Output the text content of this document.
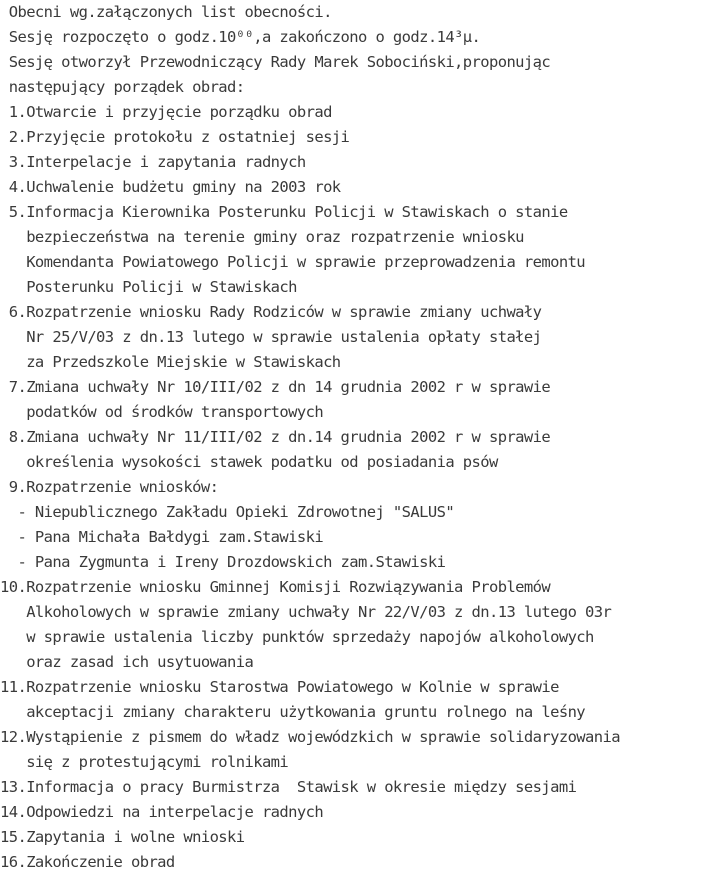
Obecni wg.załączonych list obecności.
Sesję rozpoczęto o godz.10⁰⁰,a zakończono o godz.14³µ.
Sesję otworzył Przewodniczący Rady Marek Sobociński,proponując
następujący porządek obrad:
1.Otwarcie i przyjęcie porządku obrad
2.Przyjęcie protokołu z ostatniej sesji
3.Interpelacje i zapytania radnych
4.Uchwalenie budżetu gminy na 2003 rok
5.Informacja Kierownika Posterunku Policji w Stawiskach o stanie
bezpieczeństwa na terenie gminy oraz rozpatrzenie wniosku
Komendanta Powiatowego Policji w sprawie przeprowadzenia remontu
Posterunku Policji w Stawiskach
6.Rozpatrzenie wniosku Rady Rodziców w sprawie zmiany uchwały
Nr 25/V/03 z dn.13 lutego w sprawie ustalenia opłaty stałej
za Przedszkole Miejskie w Stawiskach
7.Zmiana uchwały Nr 10/III/02 z dn 14 grudnia 2002 r w sprawie
podatków od środków transportowych
8.Zmiana uchwały Nr 11/III/02 z dn.14 grudnia 2002 r w sprawie
określenia wysokości stawek podatku od posiadania psów
9.Rozpatrzenie wniosków:
- Niepublicznego Zakładu Opieki Zdrowotnej "SALUS"
- Pana Michała Bałdygi zam.Stawiski
- Pana Zygmunta i Ireny Drozdowskich zam.Stawiski
10.Rozpatrzenie wniosku Gminnej Komisji Rozwiązywania Problemów
Alkoholowych w sprawie zmiany uchwały Nr 22/V/03 z dn.13 lutego 03r
w sprawie ustalenia liczby punktów sprzedaży napojów alkoholowych
oraz zasad ich usytuowania
11.Rozpatrzenie wniosku Starostwa Powiatowego w Kolnie w sprawie
akceptacji zmiany charakteru użytkowania gruntu rolnego na leśny
12.Wystąpienie z pismem do władz wojewódzkich w sprawie solidaryzowania
się z protestującymi rolnikami
13.Informacja o pracy Burmistrza  Stawisk w okresie między sesjami
14.Odpowiedzi na interpelacje radnych
15.Zapytania i wolne wnioski
16.Zakończenie obrad
